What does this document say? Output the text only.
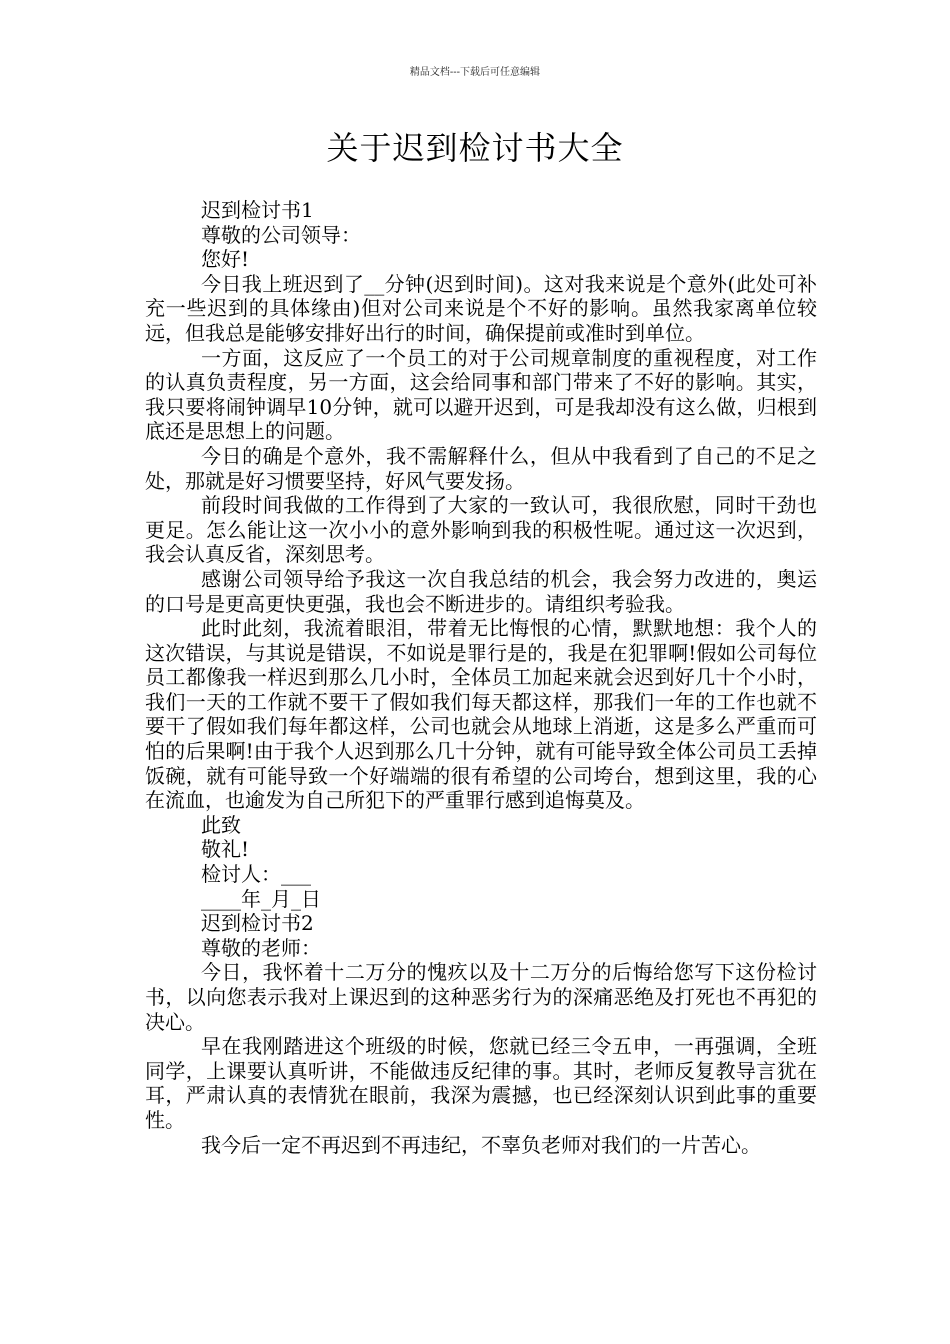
精品文档---下载后可任意编辑
关于迟到检讨书大全

迟到检讨书1

尊敬的公司领导：

您好!

今日我上班迟到了__分钟(迟到时间)。这对我来说是个意外(此处可补充一些迟到的具体缘由)但对公司来说是个不好的影响。虽然我家离单位较远，但我总是能够安排好出行的时间，确保提前或准时到单位。

一方面，这反应了一个员工的对于公司规章制度的重视程度，对工作的认真负责程度，另一方面，这会给同事和部门带来了不好的影响。其实，我只要将闹钟调早10分钟，就可以避开迟到，可是我却没有这么做，归根到底还是思想上的问题。

今日的确是个意外，我不需解释什么，但从中我看到了自己的不足之处，那就是好习惯要坚持，好风气要发扬。

前段时间我做的工作得到了大家的一致认可，我很欣慰，同时干劲也更足。怎么能让这一次小小的意外影响到我的积极性呢。通过这一次迟到，我会认真反省，深刻思考。

感谢公司领导给予我这一次自我总结的机会，我会努力改进的，奥运的口号是更高更快更强，我也会不断进步的。请组织考验我。

此时此刻，我流着眼泪，带着无比悔恨的心情，默默地想：我个人的这次错误，与其说是错误，不如说是罪行是的，我是在犯罪啊!假如公司每位员工都像我一样迟到那么几小时，全体员工加起来就会迟到好几十个小时，我们一天的工作就不要干了假如我们每天都这样，那我们一年的工作也就不要干了假如我们每年都这样，公司也就会从地球上消逝，这是多么严重而可怕的后果啊!由于我个人迟到那么几十分钟，就有可能导致全体公司员工丢掉饭碗，就有可能导致一个好端端的很有希望的公司垮台，想到这里，我的心在流血，也逾发为自己所犯下的严重罪行感到追悔莫及。

此致

敬礼!

检讨人：___

____年_月_日

迟到检讨书2

尊敬的老师：

今日，我怀着十二万分的愧疚以及十二万分的后悔给您写下这份检讨书，以向您表示我对上课迟到的这种恶劣行为的深痛恶绝及打死也不再犯的决心。

早在我刚踏进这个班级的时候，您就已经三令五申，一再强调，全班同学，上课要认真听讲，不能做违反纪律的事。其时，老师反复教导言犹在耳，严肃认真的表情犹在眼前，我深为震撼，也已经深刻认识到此事的重要性。

我今后一定不再迟到不再违纪，不辜负老师对我们的一片苦心。
